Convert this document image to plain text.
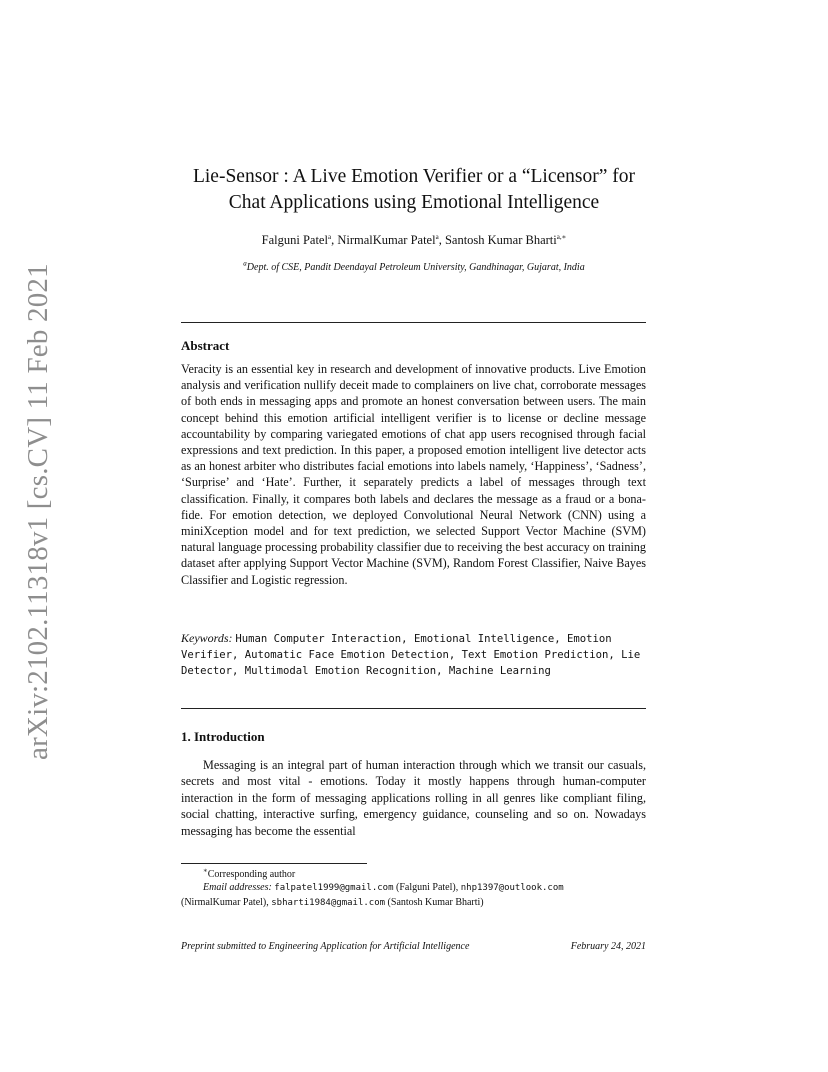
arXiv:2102.11318v1 [cs.CV] 11 Feb 2021
Lie-Sensor : A Live Emotion Verifier or a “Licensor” for
Chat Applications using Emotional Intelligence
Falguni Patel$^a$, NirmalKumar Patel$^a$, Santosh Kumar Bharti$^{a,∗}$
$^a$Dept. of CSE, Pandit Deendayal Petroleum University, Gandhinagar, Gujarat, India
Abstract
Veracity is an essential key in research and development of innovative products. Live Emotion analysis and verification nullify deceit made to complainers on live chat, corroborate messages of both ends in messaging apps and promote an honest conversation between users. The main concept behind this emotion artificial intelligent verifier is to license or decline message accountability by comparing variegated emotions of chat app users recognised through facial expressions and text prediction. In this paper, a proposed emotion intelligent live detector acts as an honest arbiter who distributes facial emotions into labels namely, ‘Happiness’, ‘Sadness’, ‘Surprise’ and ‘Hate’. Further, it separately predicts a label of messages through text classification. Finally, it compares both labels and declares the message as a fraud or a bona-fide. For emotion detection, we deployed Convolutional Neural Network (CNN) using a miniXception model and for text prediction, we selected Support Vector Machine (SVM) natural language processing probability classifier due to receiving the best accuracy on training dataset after applying Support Vector Machine (SVM), Random Forest Classifier, Naive Bayes Classifier and Logistic regression.
Keywords: Human Computer Interaction, Emotional Intelligence, Emotion Verifier, Automatic Face Emotion Detection, Text Emotion Prediction, Lie Detector, Multimodal Emotion Recognition, Machine Learning
1. Introduction
Messaging is an integral part of human interaction through which we transit our casuals, secrets and most vital - emotions. Today it mostly happens through human-computer interaction in the form of messaging applications rolling in all genres like compliant filing, social chatting, interactive surfing, emergency guidance, counseling and so on. Nowadays messaging has become the essential
∗Corresponding author
Email addresses: falpatel1999@gmail.com (Falguni Patel), nhp1397@outlook.com
(NirmalKumar Patel), sbharti1984@gmail.com (Santosh Kumar Bharti)
Preprint submitted to Engineering Application for Artificial Intelligence	February 24, 2021
